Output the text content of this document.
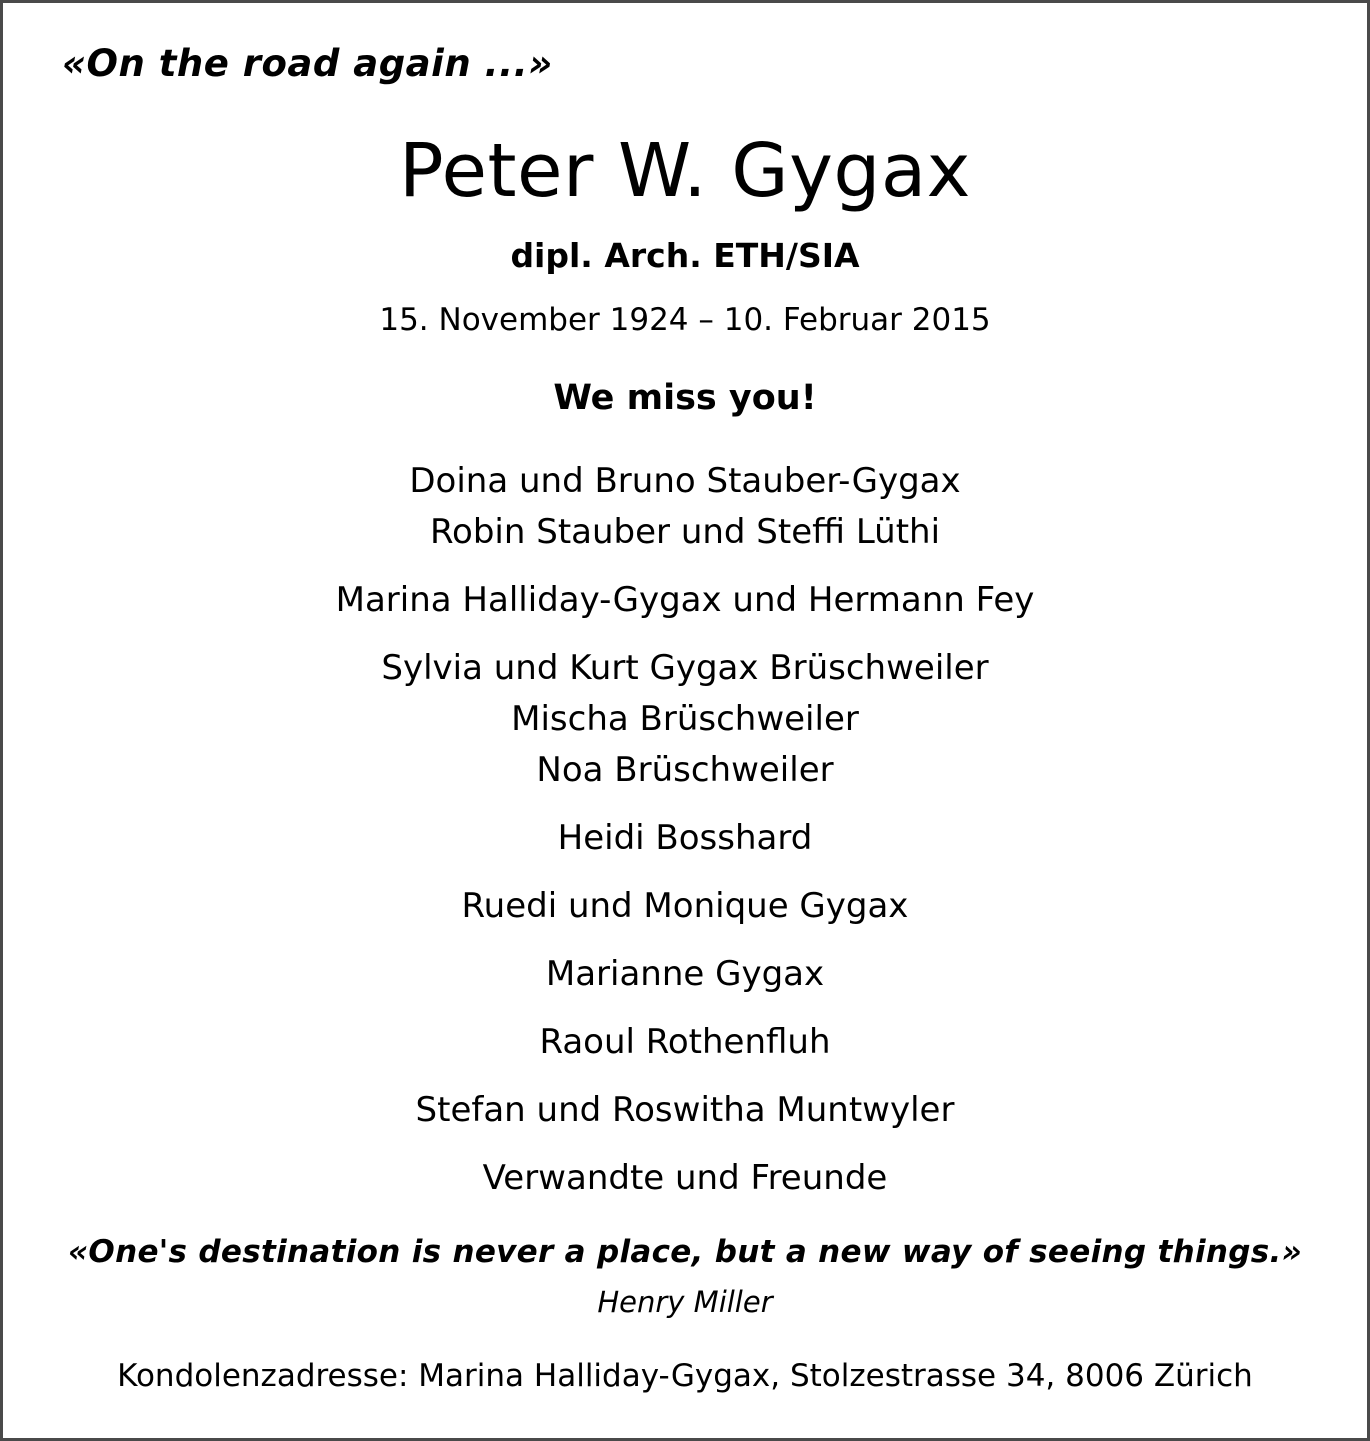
«On the road again ...»
Peter W. Gygax
dipl. Arch. ETH/SIA
15. November 1924 – 10. Februar 2015
We miss you!
Doina und Bruno Stauber-Gygax
Robin Stauber und Steffi Lüthi
Marina Halliday-Gygax und Hermann Fey
Sylvia und Kurt Gygax Brüschweiler
Mischa Brüschweiler
Noa Brüschweiler
Heidi Bosshard
Ruedi und Monique Gygax
Marianne Gygax
Raoul Rothenfluh
Stefan und Roswitha Muntwyler
Verwandte und Freunde
«One's destination is never a place, but a new way of seeing things.»
Henry Miller
Kondolenzadresse: Marina Halliday-Gygax, Stolzestrasse 34, 8006 Zürich
